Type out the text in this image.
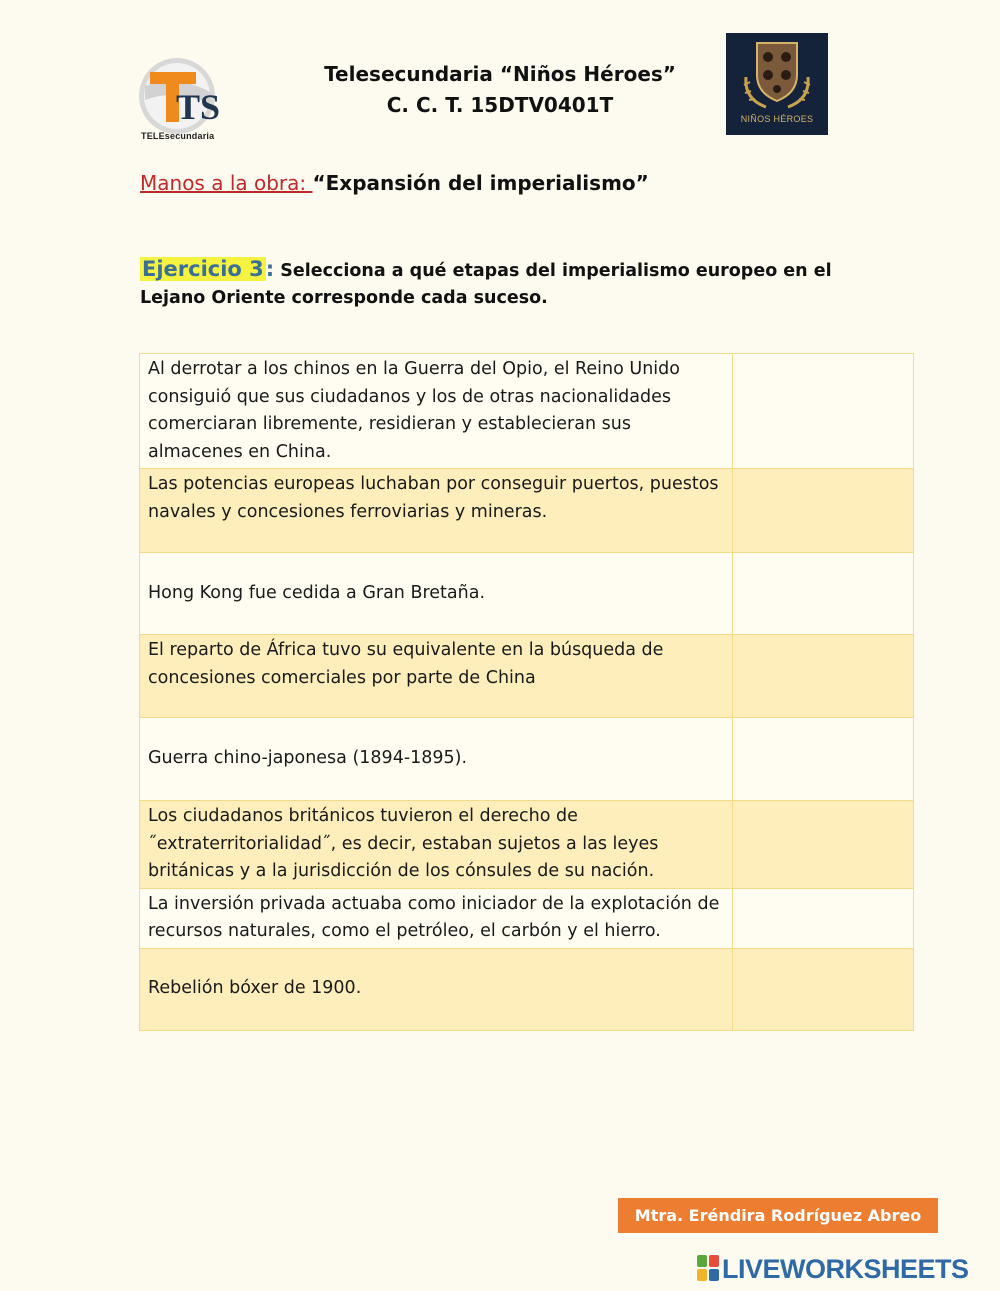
TS
TELEsecundaria
Telesecundaria “Niños Héroes”
C. C. T. 15DTV0401T
NIÑOS HÉROES
Manos a la obra: “Expansión del imperialismo”
Ejercicio 3: Selecciona a qué etapas del imperialismo europeo en el Lejano Oriente corresponde cada suceso.
Al derrotar a los chinos en la Guerra del Opio, el Reino Unido consiguió que sus ciudadanos y los de otras nacionalidades comerciaran libremente, residieran y establecieran sus almacenes en China.	
Las potencias europeas luchaban por conseguir puertos, puestos navales y concesiones ferroviarias y mineras.	
Hong Kong fue cedida a Gran Bretaña.	
El reparto de África tuvo su equivalente en la búsqueda de concesiones comerciales por parte de China	
Guerra chino-japonesa (1894-1895).	
Los ciudadanos británicos tuvieron el derecho de ˝extraterritorialidad˝, es decir, estaban sujetos a las leyes británicas y a la jurisdicción de los cónsules de su nación.	
La inversión privada actuaba como iniciador de la explotación de recursos naturales, como el petróleo, el carbón y el hierro.	
Rebelión bóxer de 1900.	
Mtra. Eréndira Rodríguez Abreo
LIVEWORKSHEETS
